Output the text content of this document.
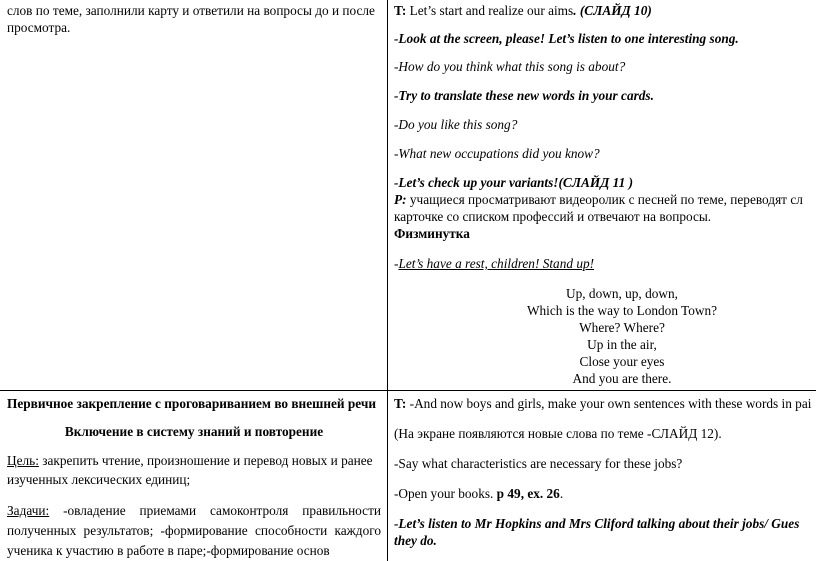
слов по теме, заполнили карту и ответили на вопросы до и после просмотра.

T: Let’s start and realize our aims. (СЛАЙД 10)

-Look at the screen, please! Let’s listen to one interesting song.

-How do you think what this song is about?

-Try to translate these new words in your cards.

-Do you like this song?

-What new occupations did you know?

-Let’s check up your variants!(СЛАЙД 11 )

P: учащиеся просматривают видеоролик с песней по теме, переводят сл

карточке со списком профессий и отвечают на вопросы.

Физминутка

-Let’s have a rest, children! Stand up!

Up, down, up, down,

Which is the way to London Town?

Where? Where?

Up in the air,

Close your eyes

And you are there.

Первичное закрепление с проговариванием во внешней речи

Включение в систему знаний и повторение

Цель: закрепить чтение, произношение и перевод новых и ранее изученных лексических единиц;

Задачи: -овладение приемами самоконтроля правильности полученных результатов; -формирование способности каждого ученика к участию в работе в паре;-формирование основ

T: -And now boys and girls, make your own sentences with these words in pai

(На экране появляются новые слова по теме -СЛАЙД 12).

-Say what characteristics are necessary for these jobs?

-Open your books. p 49, ex. 26.

-Let’s listen to Mr Hopkins and Mrs Cliford talking about their jobs/ Gues

they do.
